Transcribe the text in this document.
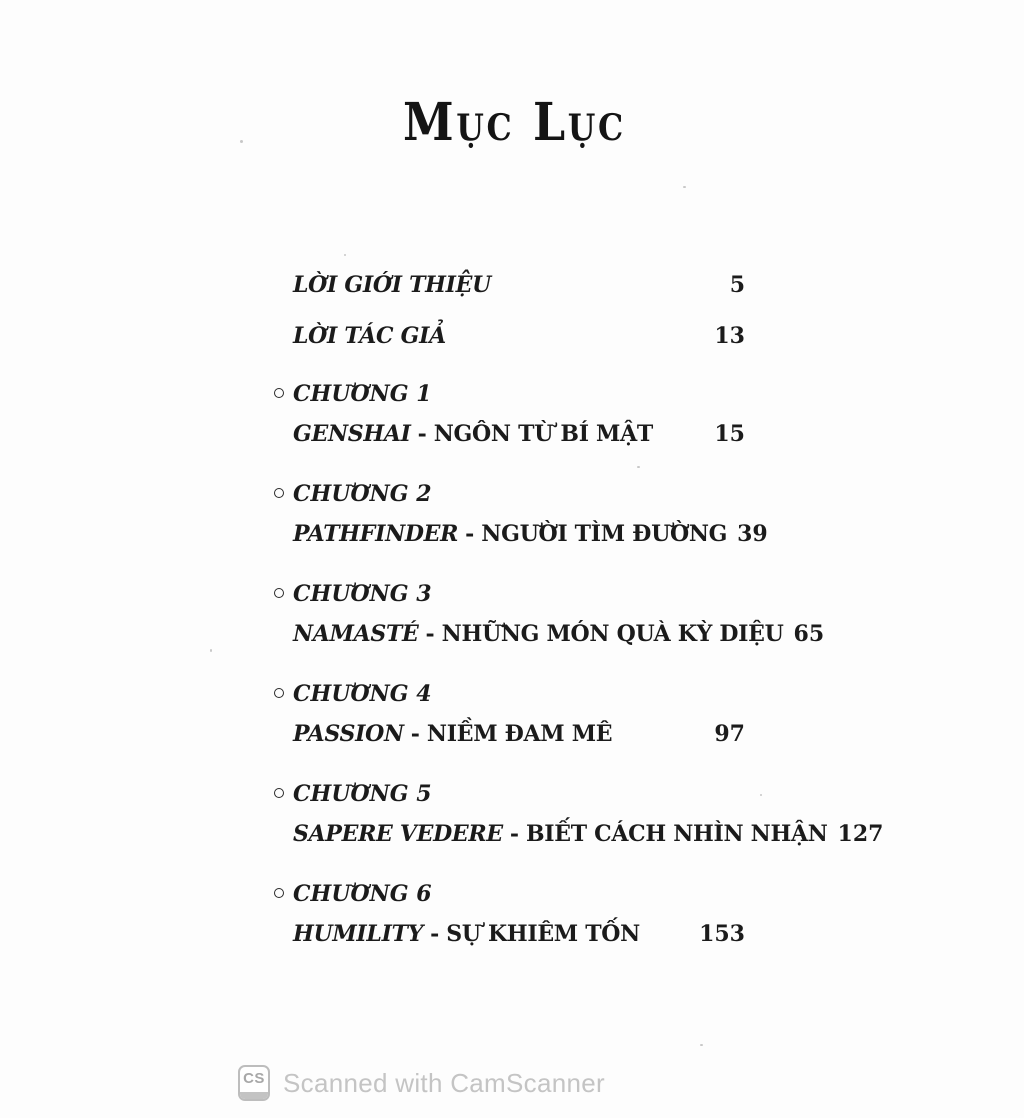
Mục Lục
LỜI GIỚI THIỆU	5
LỜI TÁC GIẢ	13
CHƯƠNG 1
GENSHAI - NGÔN TỪ BÍ MẬT	15
CHƯƠNG 2
PATHFINDER - NGƯỜI TÌM ĐƯỜNG 39
CHƯƠNG 3
NAMASTÉ - NHỮNG MÓN QUÀ KỲ DIỆU 65
CHƯƠNG 4
PASSION - NIỀM ĐAM MÊ	97
CHƯƠNG 5
SAPERE VEDERE - BIẾT CÁCH NHÌN NHẬN 127
CHƯƠNG 6
HUMILITY - SỰ KHIÊM TỐN	153
CS Scanned with CamScanner
